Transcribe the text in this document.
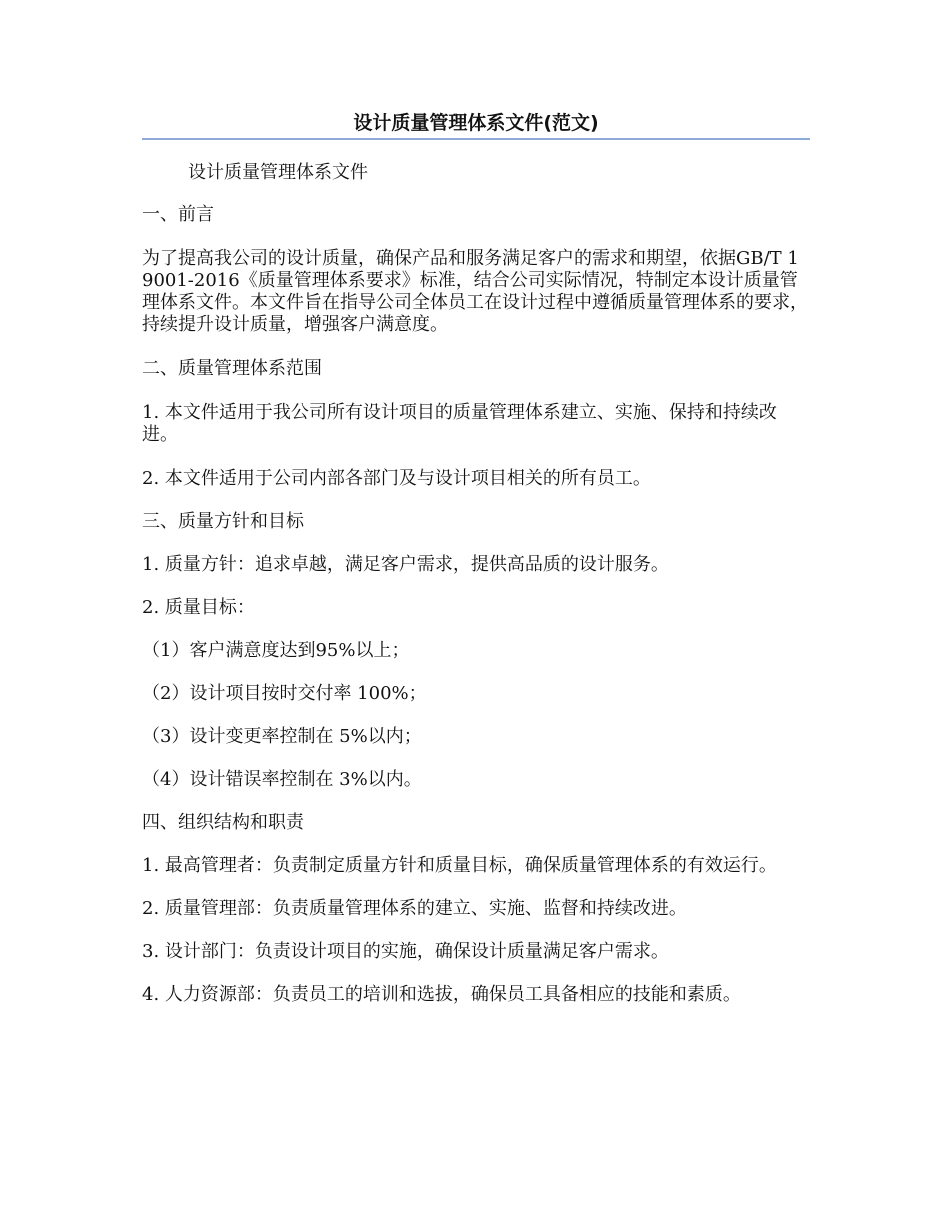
设计质量管理体系文件(范文)

设计质量管理体系文件

一、前言

为了提高我公司的设计质量，确保产品和服务满足客户的需求和期望，依据GB/T 19001-2016《质量管理体系要求》标准，结合公司实际情况，特制定本设计质量管理体系文件。本文件旨在指导公司全体员工在设计过程中遵循质量管理体系的要求，持续提升设计质量，增强客户满意度。

二、质量管理体系范围

1. 本文件适用于我公司所有设计项目的质量管理体系建立、实施、保持和持续改进。

2. 本文件适用于公司内部各部门及与设计项目相关的所有员工。

三、质量方针和目标

1. 质量方针：追求卓越，满足客户需求，提供高品质的设计服务。

2. 质量目标：

（1）客户满意度达到95%以上；

（2）设计项目按时交付率 100%；

（3）设计变更率控制在 5%以内；

（4）设计错误率控制在 3%以内。

四、组织结构和职责

1. 最高管理者：负责制定质量方针和质量目标，确保质量管理体系的有效运行。

2. 质量管理部：负责质量管理体系的建立、实施、监督和持续改进。

3. 设计部门：负责设计项目的实施，确保设计质量满足客户需求。

4. 人力资源部：负责员工的培训和选拔，确保员工具备相应的技能和素质。
